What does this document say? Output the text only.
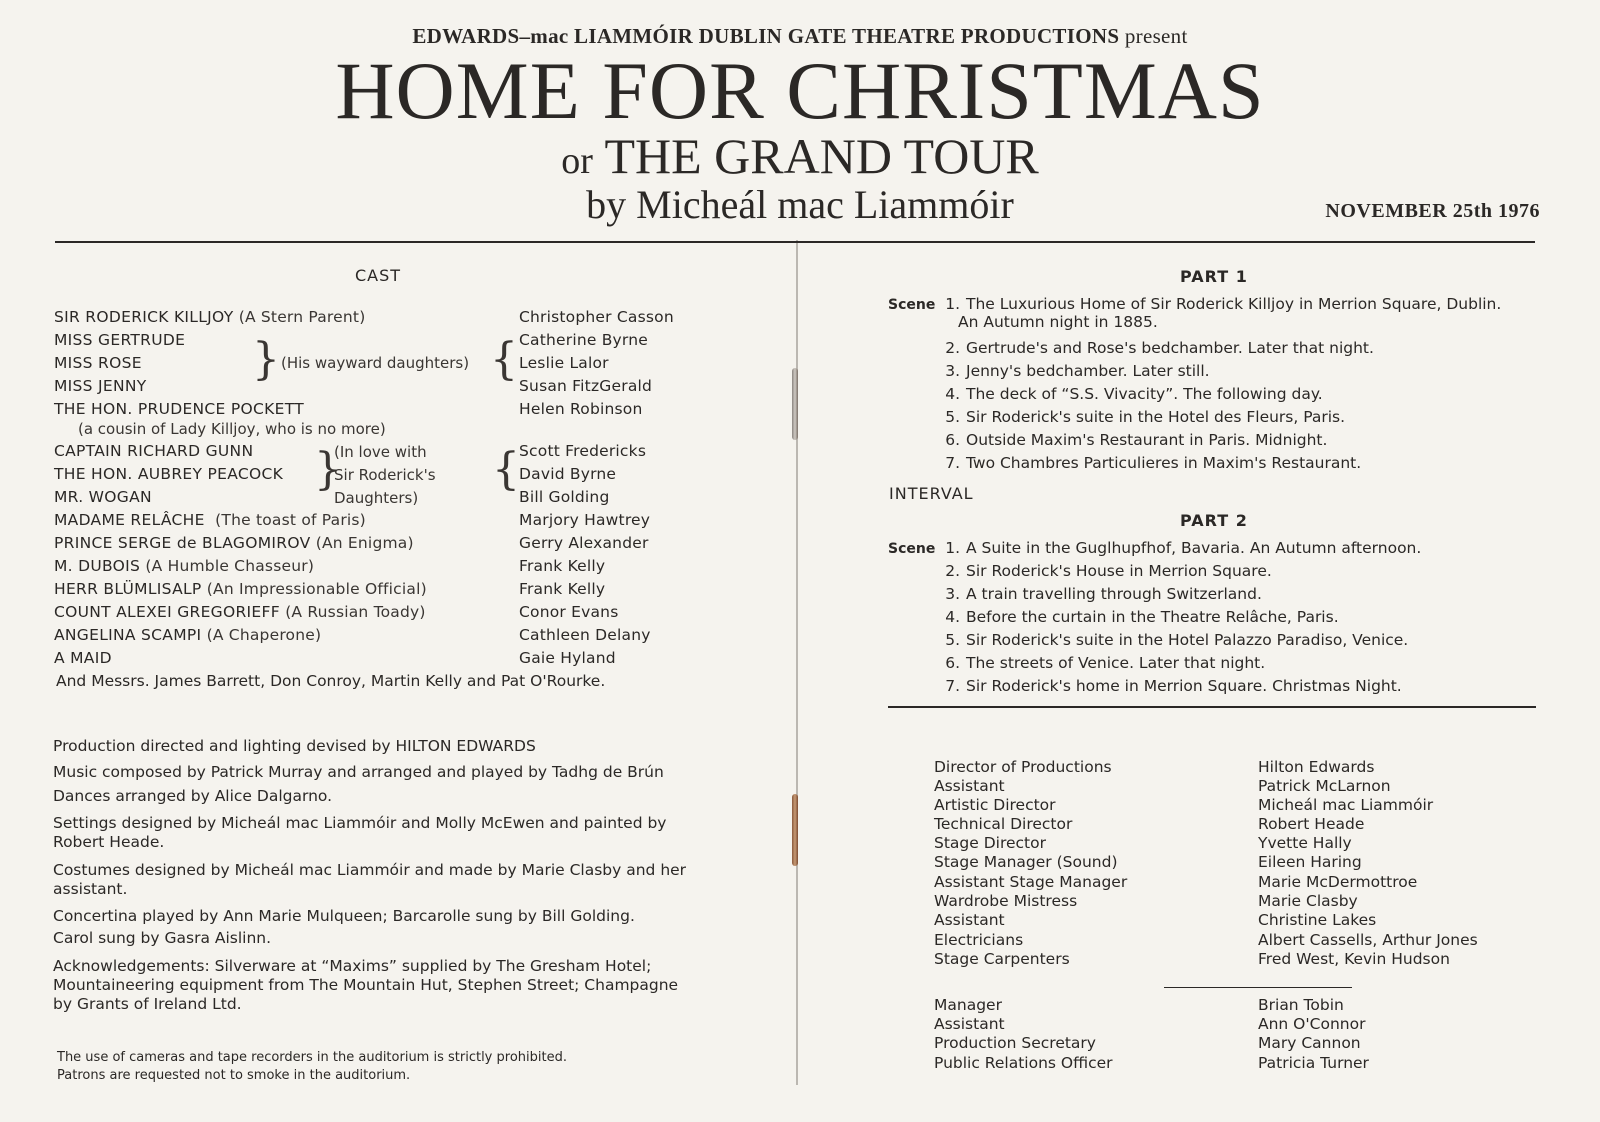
EDWARDS–mac LIAMMÓIR DUBLIN GATE THEATRE PRODUCTIONS present
HOME FOR CHRISTMAS
or THE GRAND TOUR
by Micheál mac Liammóir	NOVEMBER 25th 1976
CAST
SIR RODERICK KILLJOY (A Stern Parent)	Christopher Casson
MISS GERTRUDE	Catherine Byrne
MISS ROSE	Leslie Lalor
MISS JENNY	Susan FitzGerald
} (His wayward daughters) {
THE HON. PRUDENCE POCKETT	Helen Robinson
(a cousin of Lady Killjoy, who is no more)
CAPTAIN RICHARD GUNN	Scott Fredericks
THE HON. AUBREY PEACOCK	David Byrne
MR. WOGAN	Bill Golding
}
(In love with
Sir Roderick's
Daughters)
{
MADAME RELÂCHE (The toast of Paris)	Marjory Hawtrey
PRINCE SERGE de BLAGOMIROV (An Enigma)	Gerry Alexander
M. DUBOIS (A Humble Chasseur)	Frank Kelly
HERR BLÜMLISALP (An Impressionable Official)	Frank Kelly
COUNT ALEXEI GREGORIEFF (A Russian Toady)	Conor Evans
ANGELINA SCAMPI (A Chaperone)	Cathleen Delany
A MAID	Gaie Hyland
And Messrs. James Barrett, Don Conroy, Martin Kelly and Pat O'Rourke.
Production directed and lighting devised by HILTON EDWARDS
Music composed by Patrick Murray and arranged and played by Tadhg de Brún
Dances arranged by Alice Dalgarno.
Settings designed by Micheál mac Liammóir and Molly McEwen and painted by Robert Heade.
Costumes designed by Micheál mac Liammóir and made by Marie Clasby and her assistant.
Concertina played by Ann Marie Mulqueen; Barcarolle sung by Bill Golding.
Carol sung by Gasra Aislinn.
Acknowledgements: Silverware at “Maxims” supplied by The Gresham Hotel; Mountaineering equipment from The Mountain Hut, Stephen Street; Champagne by Grants of Ireland Ltd.
The use of cameras and tape recorders in the auditorium is strictly prohibited.
Patrons are requested not to smoke in the auditorium.
PART 1
Scene 1. The Luxurious Home of Sir Roderick Killjoy in Merrion Square, Dublin.
An Autumn night in 1885.
2. Gertrude's and Rose's bedchamber. Later that night.
3. Jenny's bedchamber. Later still.
4. The deck of “S.S. Vivacity”. The following day.
5. Sir Roderick's suite in the Hotel des Fleurs, Paris.
6. Outside Maxim's Restaurant in Paris. Midnight.
7. Two Chambres Particulieres in Maxim's Restaurant.
INTERVAL
PART 2
Scene 1. A Suite in the Guglhupfhof, Bavaria. An Autumn afternoon.
2. Sir Roderick's House in Merrion Square.
3. A train travelling through Switzerland.
4. Before the curtain in the Theatre Relâche, Paris.
5. Sir Roderick's suite in the Hotel Palazzo Paradiso, Venice.
6. The streets of Venice. Later that night.
7. Sir Roderick's home in Merrion Square. Christmas Night.
Director of Productions	Hilton Edwards
Assistant	Patrick McLarnon
Artistic Director	Micheál mac Liammóir
Technical Director	Robert Heade
Stage Director	Yvette Hally
Stage Manager (Sound)	Eileen Haring
Assistant Stage Manager	Marie McDermottroe
Wardrobe Mistress	Marie Clasby
Assistant	Christine Lakes
Electricians	Albert Cassells, Arthur Jones
Stage Carpenters	Fred West, Kevin Hudson
Manager	Brian Tobin
Assistant	Ann O'Connor
Production Secretary	Mary Cannon
Public Relations Officer	Patricia Turner
